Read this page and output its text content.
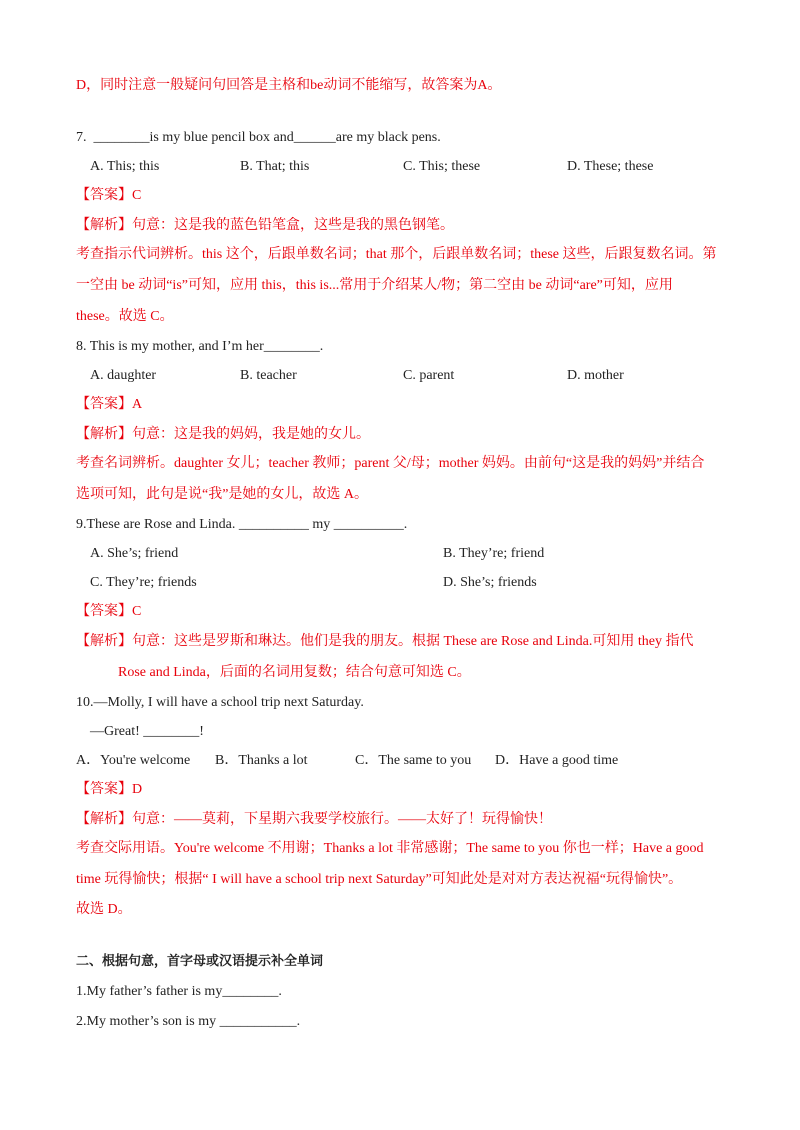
D，同时注意一般疑问句回答是主格和be动词不能缩写，故答案为A。
7. ________is my blue pencil box and______are my black pens.
A. This; this	B. That; this	C. This; these	D. These; these
【答案】C
【解析】句意：这是我的蓝色铅笔盒，这些是我的黑色钢笔。
考查指示代词辨析。this 这个，后跟单数名词；that 那个，后跟单数名词；these 这些，后跟复数名词。第
一空由 be 动词“is”可知，应用 this，this is...常用于介绍某人/物；第二空由 be 动词“are”可知，应用
these。故选 C。
8. This is my mother, and I’m her________.
A. daughter	B. teacher	C. parent	D. mother
【答案】A
【解析】句意：这是我的妈妈，我是她的女儿。
考查名词辨析。daughter 女儿；teacher 教师；parent 父/母；mother 妈妈。由前句“这是我的妈妈”并结合
选项可知，此句是说“我”是她的女儿，故选 A。
9.These are Rose and Linda. __________ my __________.
A. She’s; friend	B. They’re; friend
C. They’re; friends	D. She’s; friends
【答案】C
【解析】句意：这些是罗斯和琳达。他们是我的朋友。根据 These are Rose and Linda.可知用 they 指代
Rose and Linda，后面的名词用复数；结合句意可知选 C。
10.—Molly, I will have a school trip next Saturday.
—Great! ________!
A．You're welcome B．Thanks a lot	C．The same to you D．Have a good time
【答案】D
【解析】句意：——莫莉，下星期六我要学校旅行。——太好了！玩得愉快！
考查交际用语。You're welcome 不用谢；Thanks a lot 非常感谢；The same to you 你也一样；Have a good
time 玩得愉快；根据“ I will have a school trip next Saturday”可知此处是对对方表达祝福“玩得愉快”。
故选 D。
二、根据句意，首字母或汉语提示补全单词
1.My father’s father is my________.
2.My mother’s son is my ___________.
